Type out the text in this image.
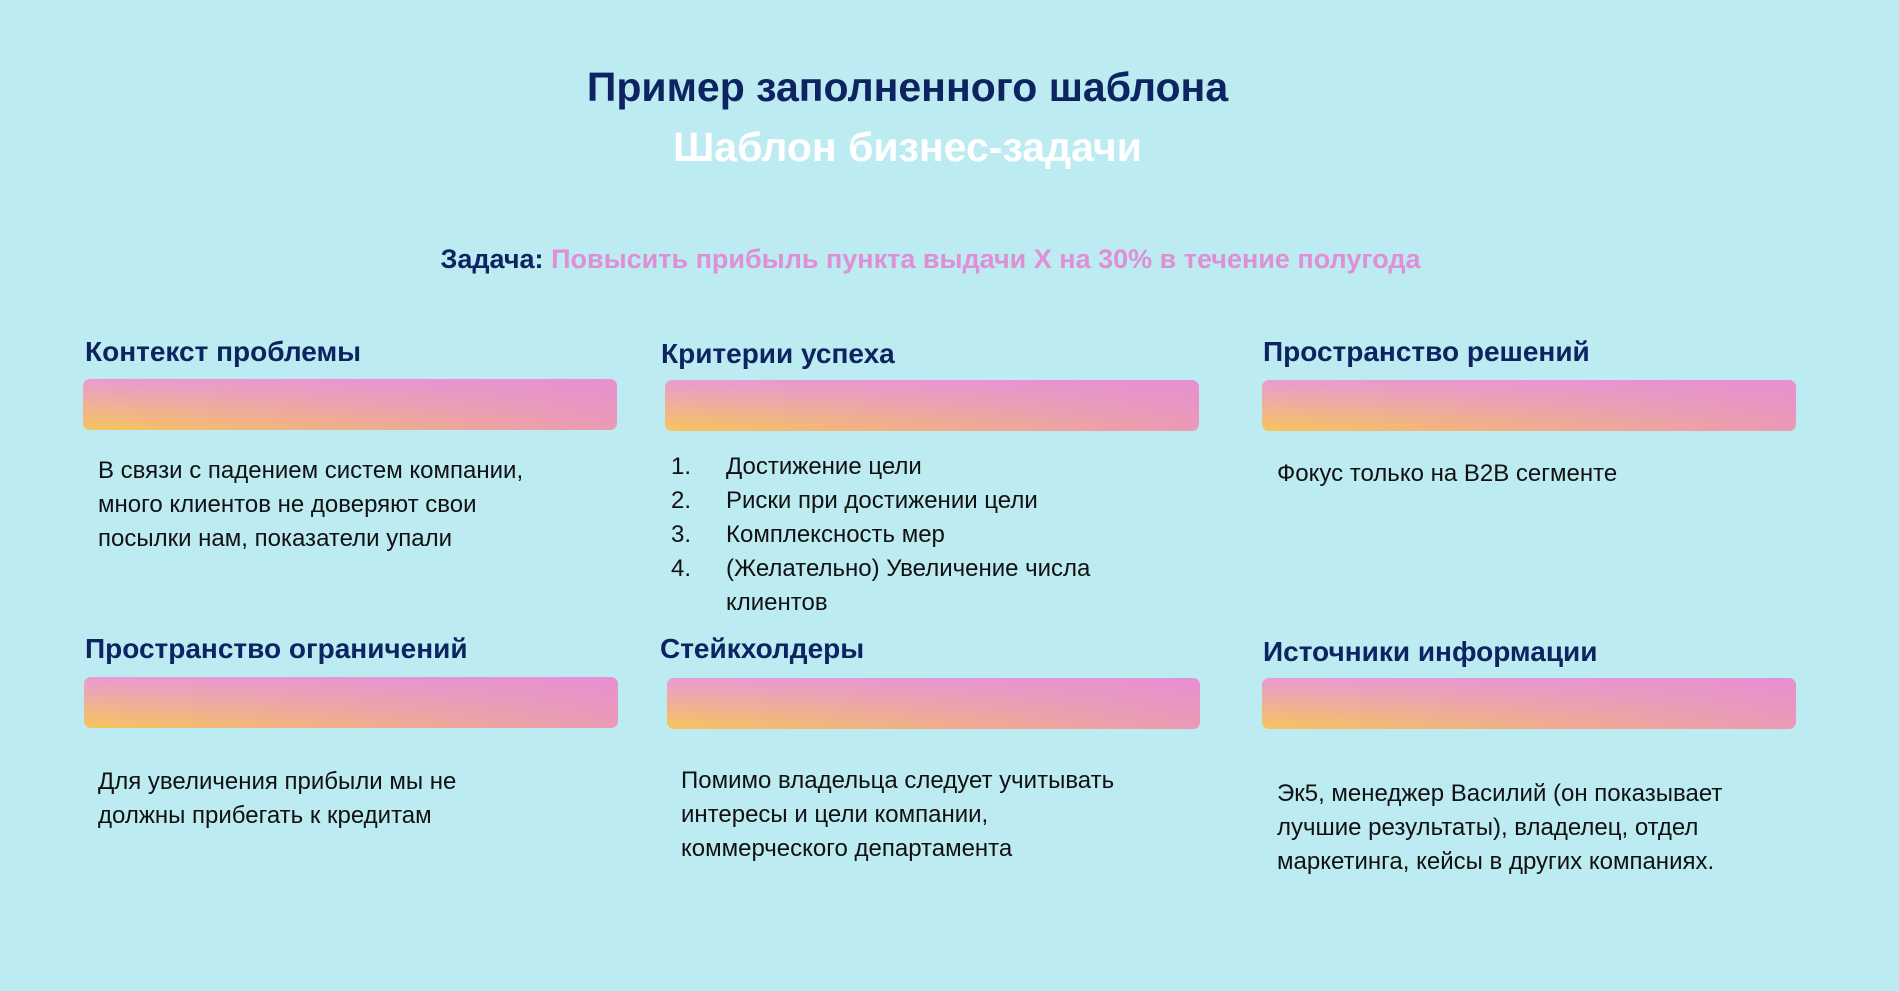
Пример заполненного шаблона
Шаблон бизнес-задачи

Задача: Повысить прибыль пункта выдачи X на 30% в течение полугода

Контекст проблемы

В связи с падением систем компании, много клиентов не доверяют свои посылки нам, показатели упали

Критерии успеха
1.	Достижение цели
2.	Риски при достижении цели
3.	Комплексность мер
4.	(Желательно) Увеличение числа клиентов
Пространство решений

Фокус только на B2B сегменте

Пространство ограничений

Для увеличения прибыли мы не должны прибегать к кредитам

Стейкхолдеры

Помимо владельца следует учитывать интересы и цели компании, коммерческого департамента

Источники информации

Эк5, менеджер Василий (он показывает лучшие результаты), владелец, отдел маркетинга, кейсы в других компаниях.
